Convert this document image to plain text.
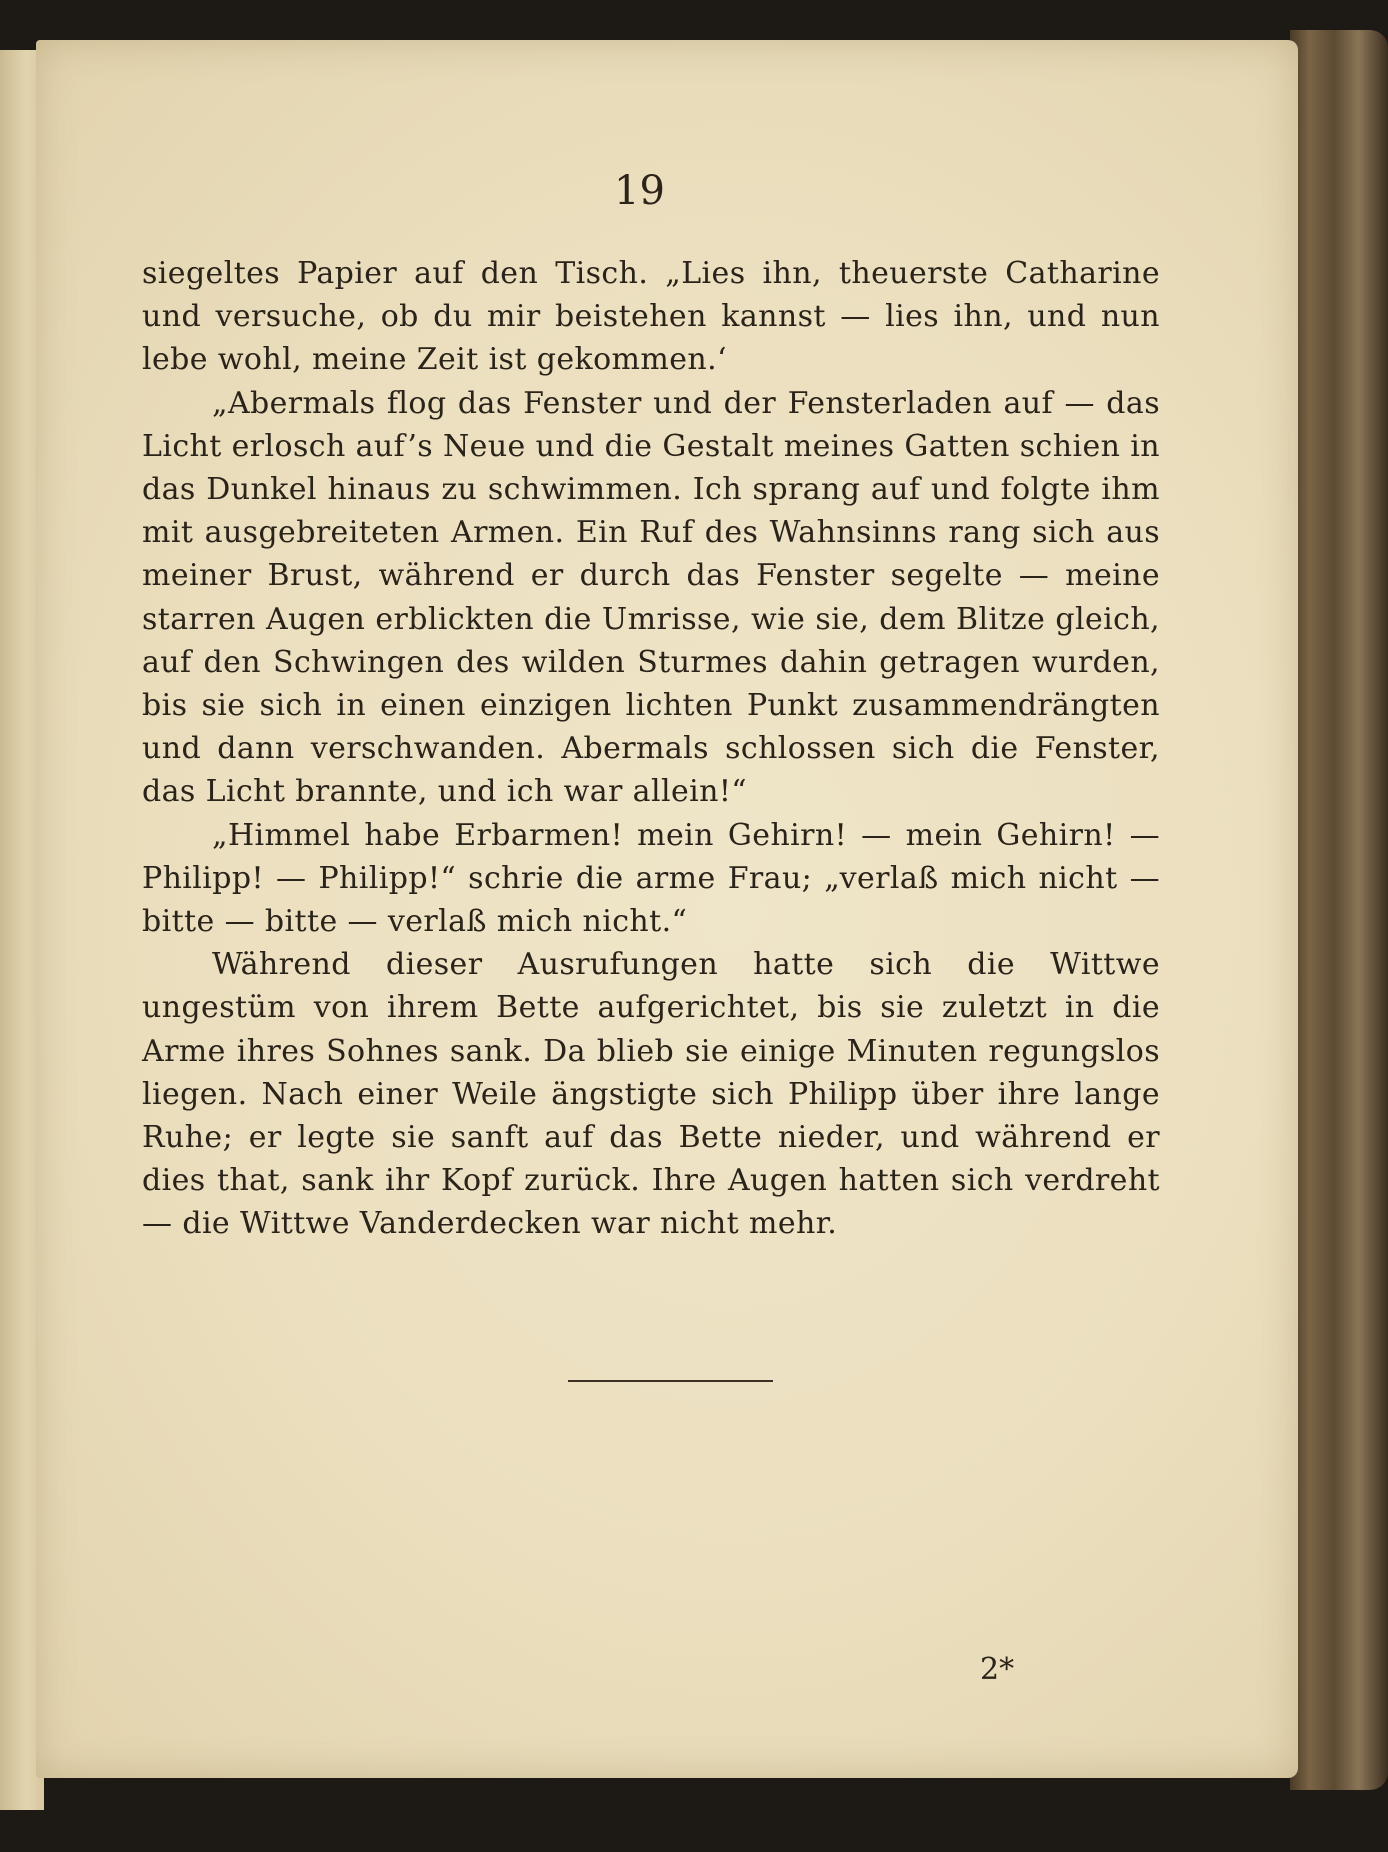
19

siegeltes Papier auf den Tisch. „Lies ihn, theuerste Catharine und versuche, ob du mir beistehen kannst — lies ihn, und nun lebe wohl, meine Zeit ist gekommen.‘

„Abermals flog das Fenster und der Fensterladen auf — das Licht erlosch auf’s Neue und die Gestalt meines Gatten schien in das Dunkel hinaus zu schwimmen. Ich sprang auf und folgte ihm mit ausgebreiteten Armen. Ein Ruf des Wahnsinns rang sich aus meiner Brust, während er durch das Fenster segelte — meine starren Augen erblickten die Umrisse, wie sie, dem Blitze gleich, auf den Schwingen des wilden Sturmes dahin getragen wurden, bis sie sich in einen einzigen lichten Punkt zusammendrängten und dann verschwanden. Abermals schlossen sich die Fenster, das Licht brannte, und ich war allein!“

„Himmel habe Erbarmen! mein Gehirn! — mein Gehirn! — Philipp! — Philipp!“ schrie die arme Frau; „verlaß mich nicht — bitte — bitte — verlaß mich nicht.“

Während dieser Ausrufungen hatte sich die Wittwe ungestüm von ihrem Bette aufgerichtet, bis sie zuletzt in die Arme ihres Sohnes sank. Da blieb sie einige Minuten regungslos liegen. Nach einer Weile ängstigte sich Philipp über ihre lange Ruhe; er legte sie sanft auf das Bette nieder, und während er dies that, sank ihr Kopf zurück. Ihre Augen hatten sich verdreht — die Wittwe Vanderdecken war nicht mehr.

2*
